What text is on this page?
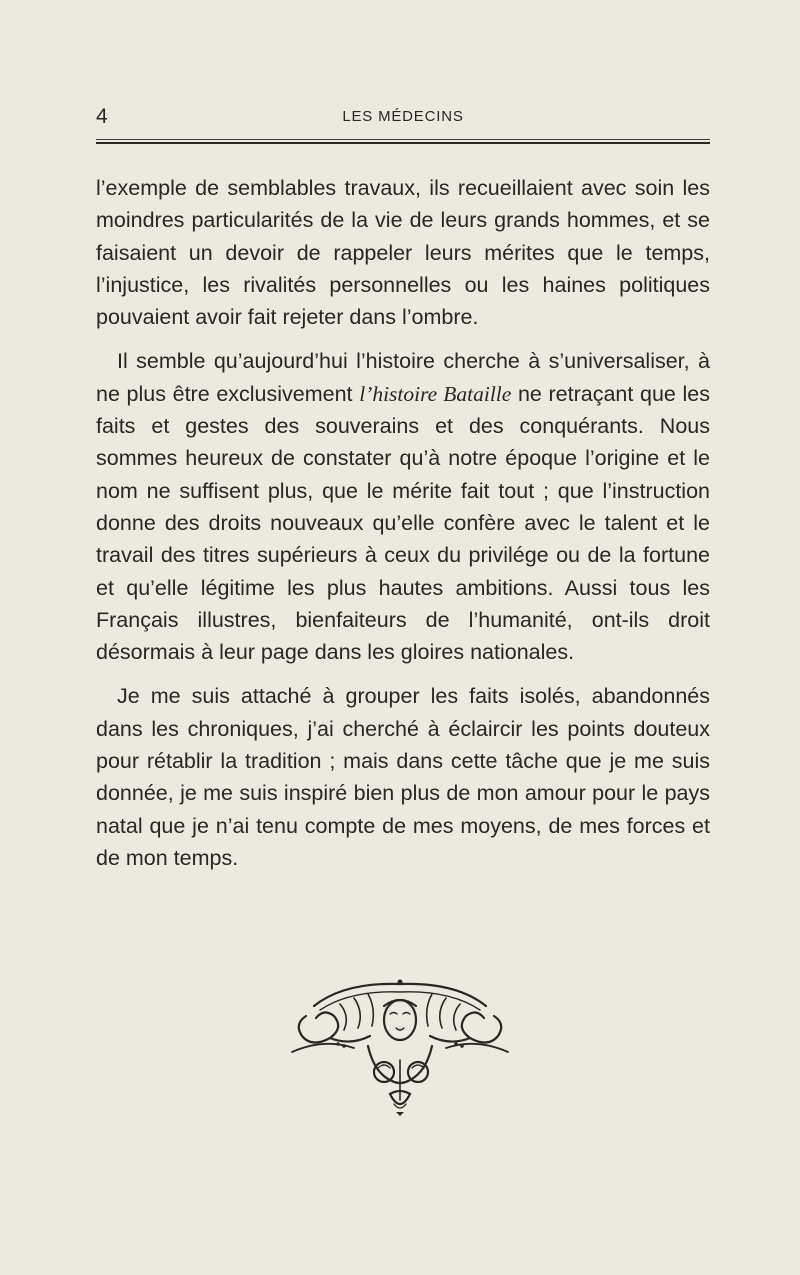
4	LES MÉDECINS

l’exemple de semblables travaux, ils recueillaient avec soin les moindres particularités de la vie de leurs grands hommes, et se faisaient un devoir de rappeler leurs mérites que le temps, l’injustice, les rivalités personnelles ou les haines politiques pouvaient avoir fait rejeter dans l’ombre.

Il semble qu’aujourd’hui l’histoire cherche à s’universaliser, à ne plus être exclusivement l’histoire Bataille ne retraçant que les faits et gestes des souverains et des conquérants. Nous sommes heureux de constater qu’à notre époque l’origine et le nom ne suffisent plus, que le mérite fait tout ; que l’instruction donne des droits nouveaux qu’elle confère avec le talent et le travail des titres supérieurs à ceux du privilége ou de la fortune et qu’elle légitime les plus hautes ambitions. Aussi tous les Français illustres, bienfaiteurs de l’humanité, ont-ils droit désormais à leur page dans les gloires nationales.

Je me suis attaché à grouper les faits isolés, abandonnés dans les chroniques, j’ai cherché à éclaircir les points douteux pour rétablir la tradition ; mais dans cette tâche que je me suis donnée, je me suis inspiré bien plus de mon amour pour le pays natal que je n’ai tenu compte de mes moyens, de mes forces et de mon temps.
